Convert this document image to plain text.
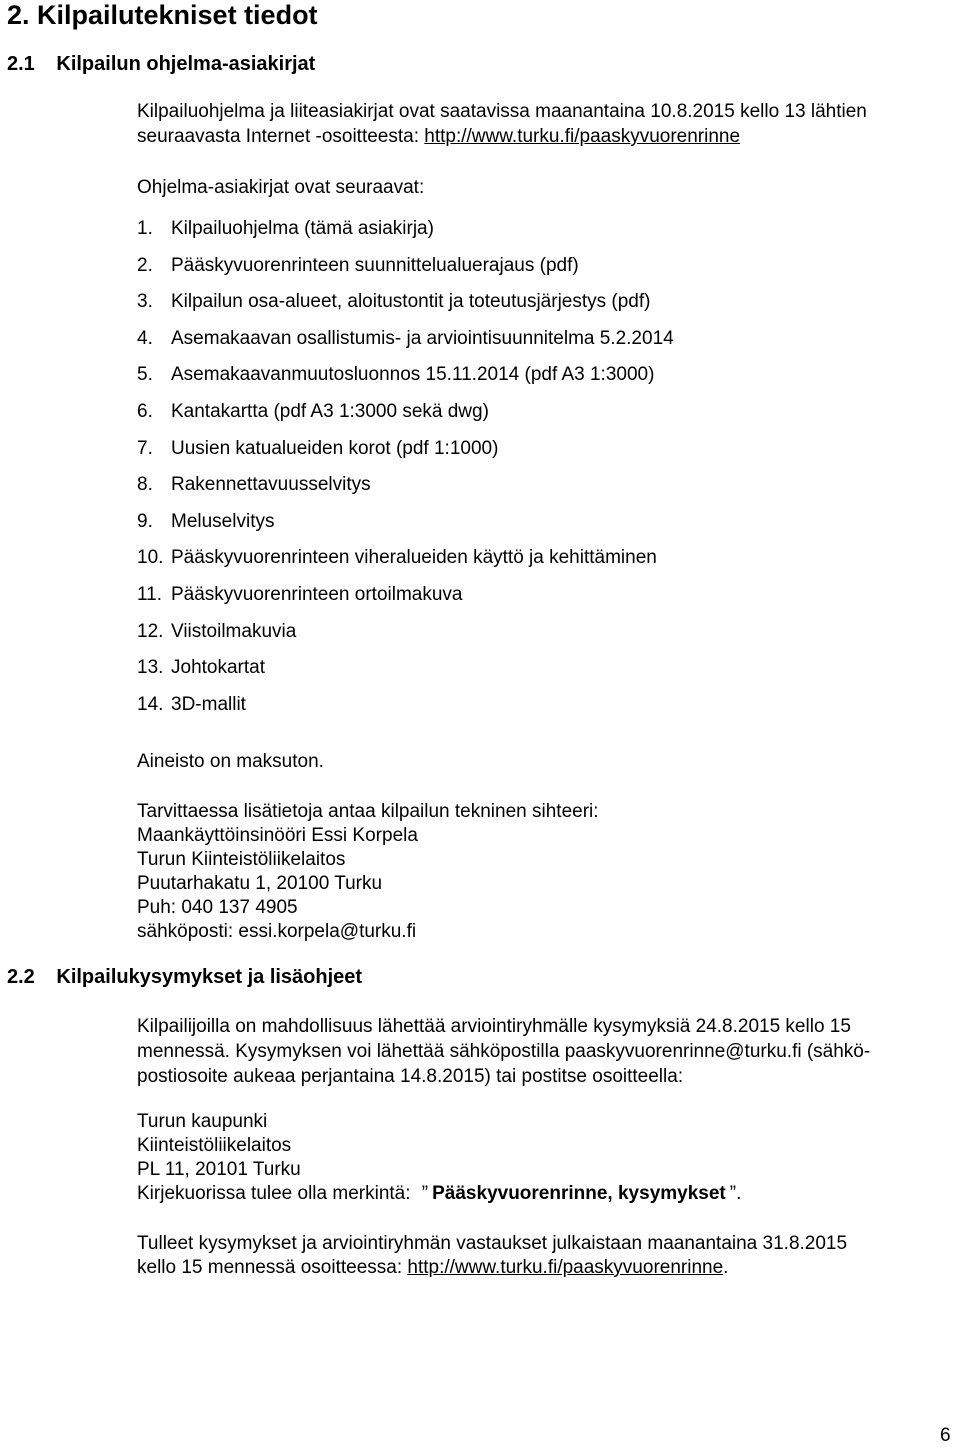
2. Kilpailutekniset tiedot
2.1 Kilpailun ohjelma-asiakirjat
Kilpailuohjelma ja liiteasiakirjat ovat saatavissa maanantaina 10.8.2015 kello 13 lähtien
seuraavasta Internet -osoitteesta: http://www.turku.fi/paaskyvuorenrinne
Ohjelma-asiakirjat ovat seuraavat:
1. Kilpailuohjelma (tämä asiakirja)
2. Pääskyvuorenrinteen suunnittelualuerajaus (pdf)
3. Kilpailun osa-alueet, aloitustontit ja toteutusjärjestys (pdf)
4. Asemakaavan osallistumis- ja arviointisuunnitelma 5.2.2014
5. Asemakaavanmuutosluonnos 15.11.2014 (pdf A3 1:3000)
6. Kantakartta (pdf A3 1:3000 sekä dwg)
7. Uusien katualueiden korot (pdf 1:1000)
8. Rakennettavuusselvitys
9. Meluselvitys
10. Pääskyvuorenrinteen viheralueiden käyttö ja kehittäminen
11. Pääskyvuorenrinteen ortoilmakuva
12. Viistoilmakuvia
13. Johtokartat
14. 3D-mallit
Aineisto on maksuton.
Tarvittaessa lisätietoja antaa kilpailun tekninen sihteeri:
Maankäyttöinsinööri Essi Korpela
Turun Kiinteistöliikelaitos
Puutarhakatu 1, 20100 Turku
Puh: 040 137 4905
sähköposti: essi.korpela@turku.fi
2.2 Kilpailukysymykset ja lisäohjeet
Kilpailijoilla on mahdollisuus lähettää arviointiryhmälle kysymyksiä 24.8.2015 kello 15
mennessä. Kysymyksen voi lähettää sähköpostilla paaskyvuorenrinne@turku.fi (sähkö-
postiosoite aukeaa perjantaina 14.8.2015) tai postitse osoitteella:
Turun kaupunki
Kiinteistöliikelaitos
PL 11, 20101 Turku
Kirjekuorissa tulee olla merkintä: ” Pääskyvuorenrinne, kysymykset ”.
Tulleet kysymykset ja arviointiryhmän vastaukset julkaistaan maanantaina 31.8.2015
kello 15 mennessä osoitteessa: http://www.turku.fi/paaskyvuorenrinne.
6
